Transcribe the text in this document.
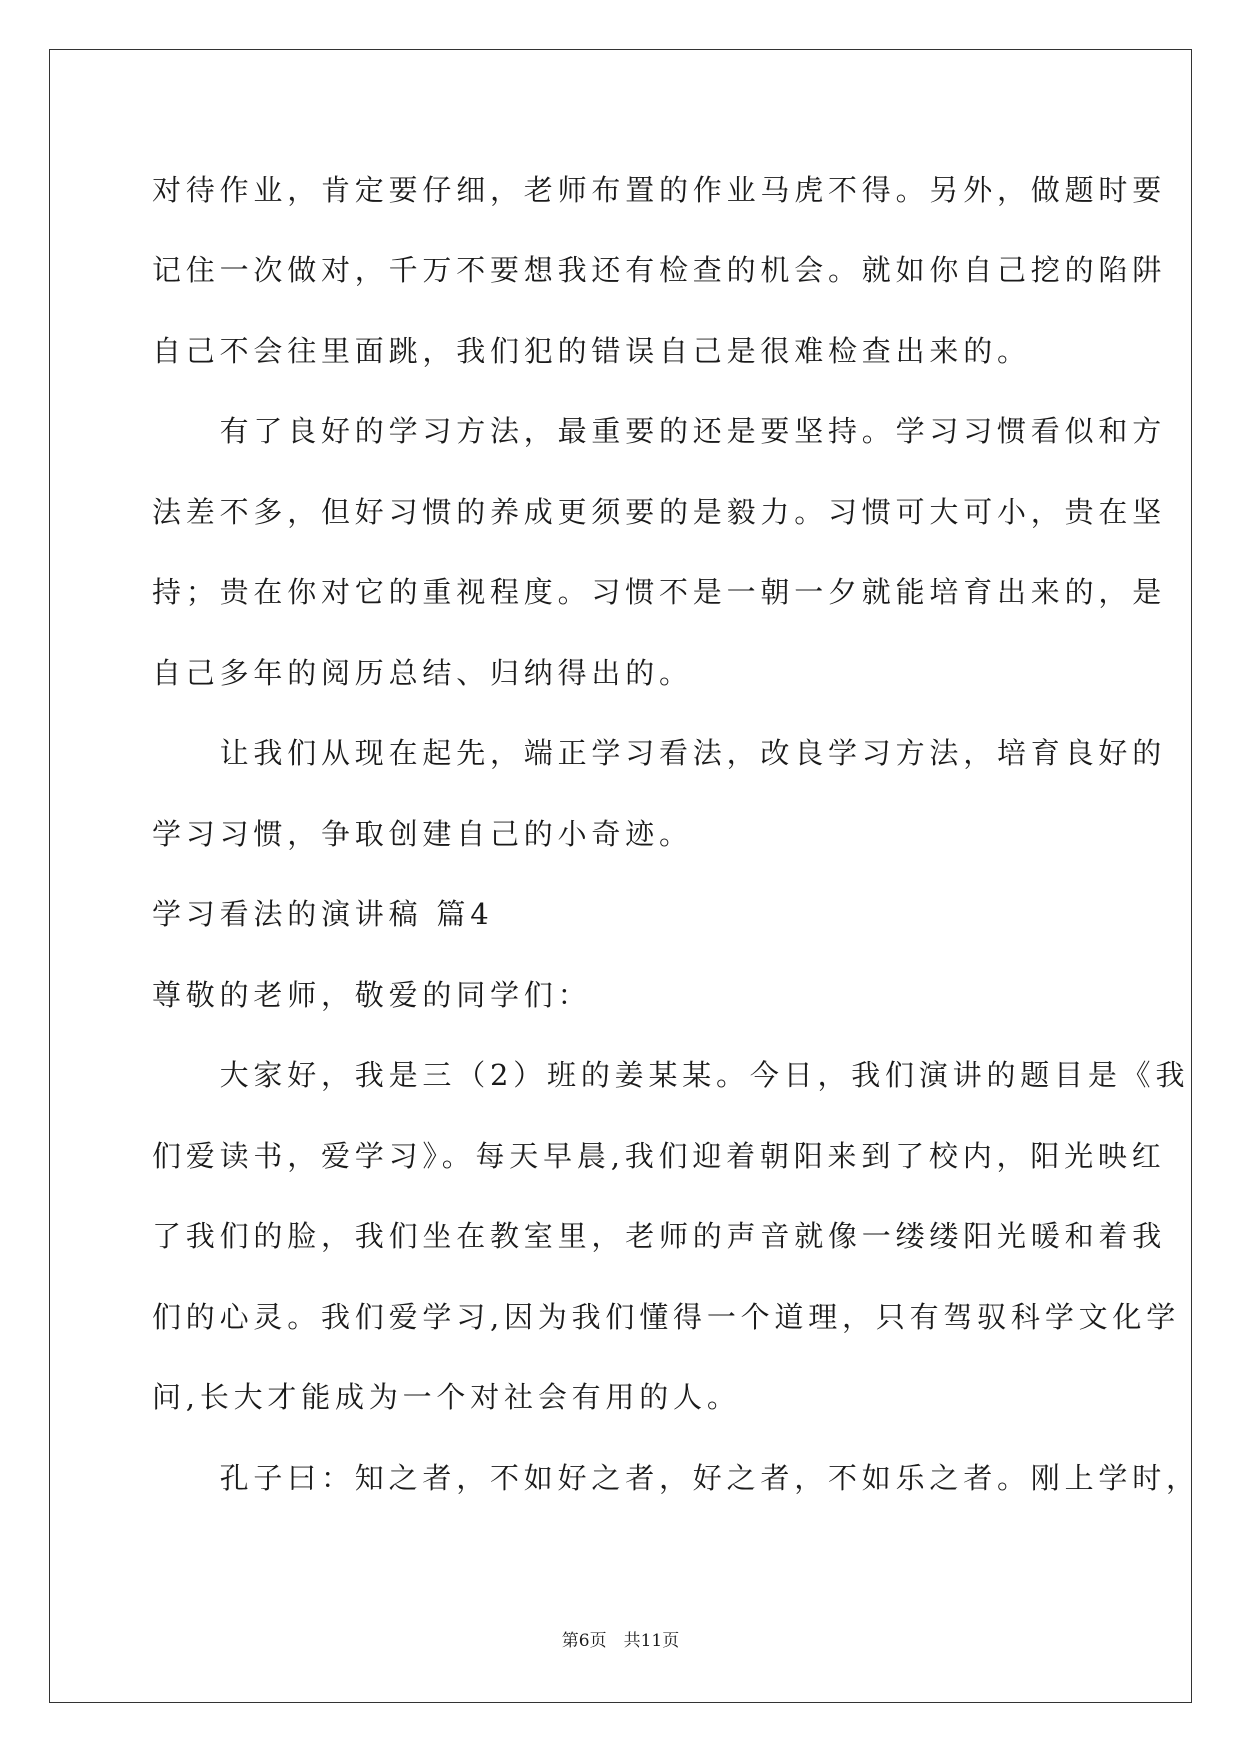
对待作业，肯定要仔细，老师布置的作业马虎不得。另外，做题时要
记住一次做对，千万不要想我还有检查的机会。就如你自己挖的陷阱
自己不会往里面跳，我们犯的错误自己是很难检查出来的。
　　有了良好的学习方法，最重要的还是要坚持。学习习惯看似和方
法差不多，但好习惯的养成更须要的是毅力。习惯可大可小，贵在坚
持；贵在你对它的重视程度。习惯不是一朝一夕就能培育出来的，是
自己多年的阅历总结、归纳得出的。
　　让我们从现在起先，端正学习看法，改良学习方法，培育良好的
学习习惯，争取创建自己的小奇迹。
学习看法的演讲稿 篇4
尊敬的老师，敬爱的同学们：
　　大家好，我是三（2）班的姜某某。今日，我们演讲的题目是《我
们爱读书，爱学习》。每天早晨,我们迎着朝阳来到了校内，阳光映红
了我们的脸，我们坐在教室里，老师的声音就像一缕缕阳光暖和着我
们的心灵。我们爱学习,因为我们懂得一个道理，只有驾驭科学文化学
问,长大才能成为一个对社会有用的人。
　　孔子曰：知之者，不如好之者，好之者，不如乐之者。刚上学时，
第6页　共11页
